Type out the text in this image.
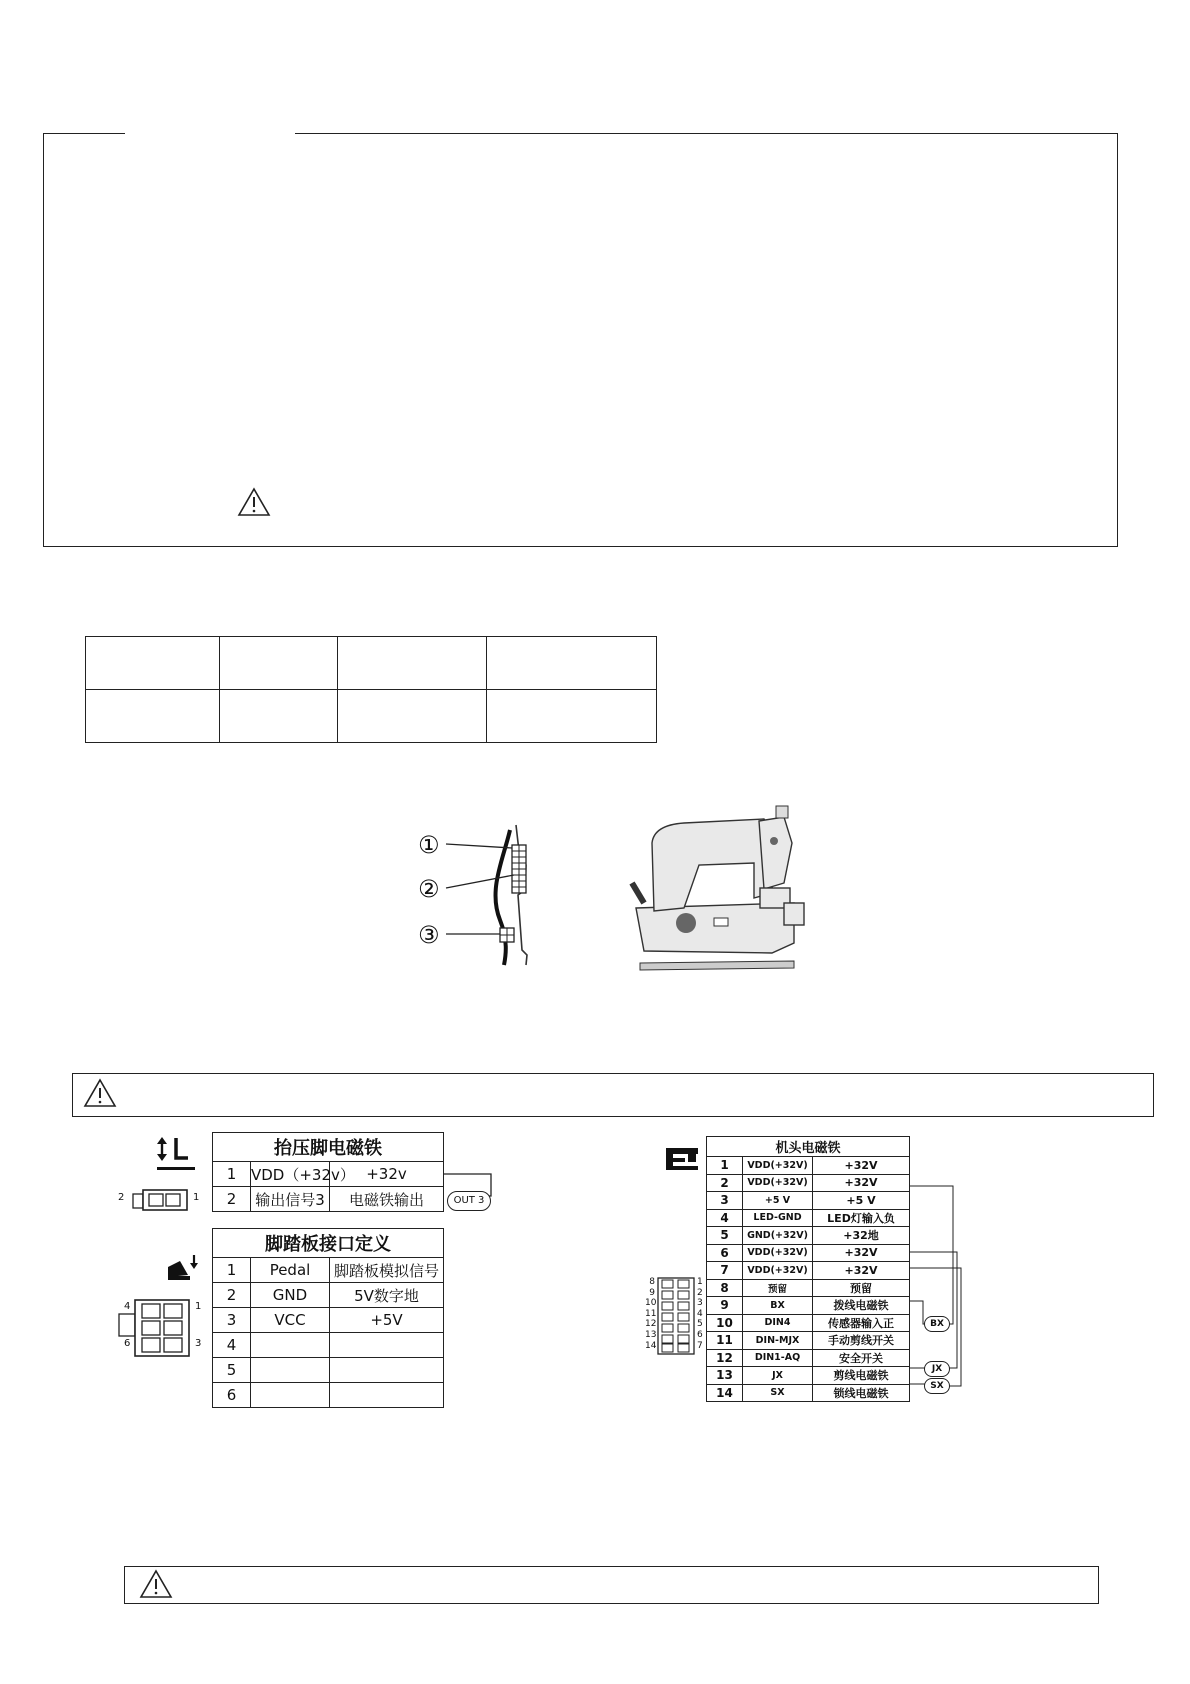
①
②
③
2	1
抬压脚电磁铁		
1	VDD（+32v）	+32v
2	输出信号3	电磁铁输出	OUT 3
4	1
6	3
脚踏板接口定义		
1	Pedal	脚踏板模拟信号
2	GND	5V数字地
3	VCC	+5V
4		
5		
6		
8
9
10
11
12
13
14
1
2
3
4
5
6
7
机头电磁铁		
1	VDD(+32V)	+32V
2	VDD(+32V)	+32V
3	+5 V	+5 V
4	LED-GND	LED灯输入负
5	GND(+32V)	+32地
6	VDD(+32V)	+32V
7	VDD(+32V)	+32V
8	预留	预留
9	BX	拨线电磁铁
10	DIN4	传感器输入正
11	DIN-MJX	手动剪线开关
12	DIN1-AQ	安全开关
13	JX	剪线电磁铁
14	SX	锁线电磁铁
BX
JX
SX
